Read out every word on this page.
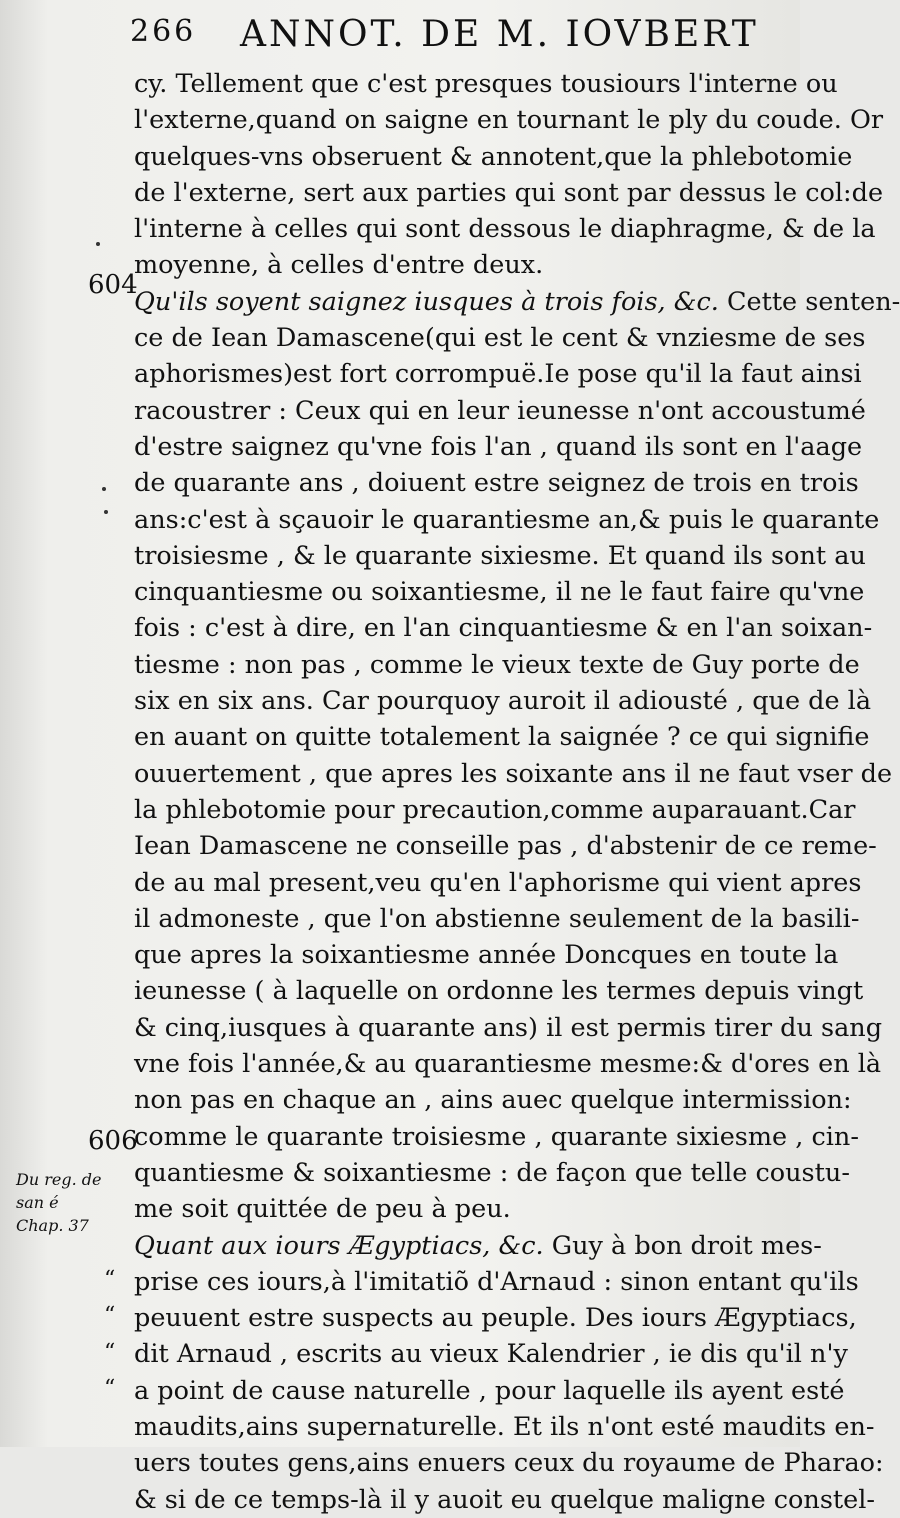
266 ANNOT. DE M. IOVBERT
604
606
Du reg. de
san é
Chap. 37
“
“
“
“
cy. Tellement que c'est presques tousiours l'interne ou
l'externe,quand on saigne en tournant le ply du coude. Or
quelques-vns obseruent & annotent,que la phlebotomie
de l'externe, sert aux parties qui sont par dessus le col:de
l'interne à celles qui sont dessous le diaphragme, & de la
moyenne, à celles d'entre deux.
Qu'ils soyent saignez iusques à trois fois, &c. Cette senten-
ce de Iean Damascene(qui est le cent & vnziesme de ses
aphorismes)est fort corrompuë.Ie pose qu'il la faut ainsi
racoustrer : Ceux qui en leur ieunesse n'ont accoustumé
d'estre saignez qu'vne fois l'an , quand ils sont en l'aage
de quarante ans , doiuent estre seignez de trois en trois
ans:c'est à sçauoir le quarantiesme an,& puis le quarante
troisiesme , & le quarante sixiesme. Et quand ils sont au
cinquantiesme ou soixantiesme, il ne le faut faire qu'vne
fois : c'est à dire, en l'an cinquantiesme & en l'an soixan-
tiesme : non pas , comme le vieux texte de Guy porte de
six en six ans. Car pourquoy auroit il adiousté , que de là
en auant on quitte totalement la saignée ? ce qui signifie
ouuertement , que apres les soixante ans il ne faut vser de
la phlebotomie pour precaution,comme auparauant.Car
Iean Damascene ne conseille pas , d'abstenir de ce reme-
de au mal present,veu qu'en l'aphorisme qui vient apres
il admoneste , que l'on abstienne seulement de la basili-
que apres la soixantiesme année Doncques en toute la
ieunesse ( à laquelle on ordonne les termes depuis vingt
& cinq,iusques à quarante ans) il est permis tirer du sang
vne fois l'année,& au quarantiesme mesme:& d'ores en là
non pas en chaque an , ains auec quelque intermission:
comme le quarante troisiesme , quarante sixiesme , cin-
quantiesme & soixantiesme : de façon que telle coustu-
me soit quittée de peu à peu.
Quant aux iours Ægyptiacs, &c. Guy à bon droit mes-
prise ces iours,à l'imitatiõ d'Arnaud : sinon entant qu'ils
peuuent estre suspects au peuple. Des iours Ægyptiacs,
dit Arnaud , escrits au vieux Kalendrier , ie dis qu'il n'y
a point de cause naturelle , pour laquelle ils ayent esté
maudits,ains supernaturelle. Et ils n'ont esté maudits en-
uers toutes gens,ains enuers ceux du royaume de Pharao:
& si de ce temps-là il y auoit eu quelque maligne constel-
